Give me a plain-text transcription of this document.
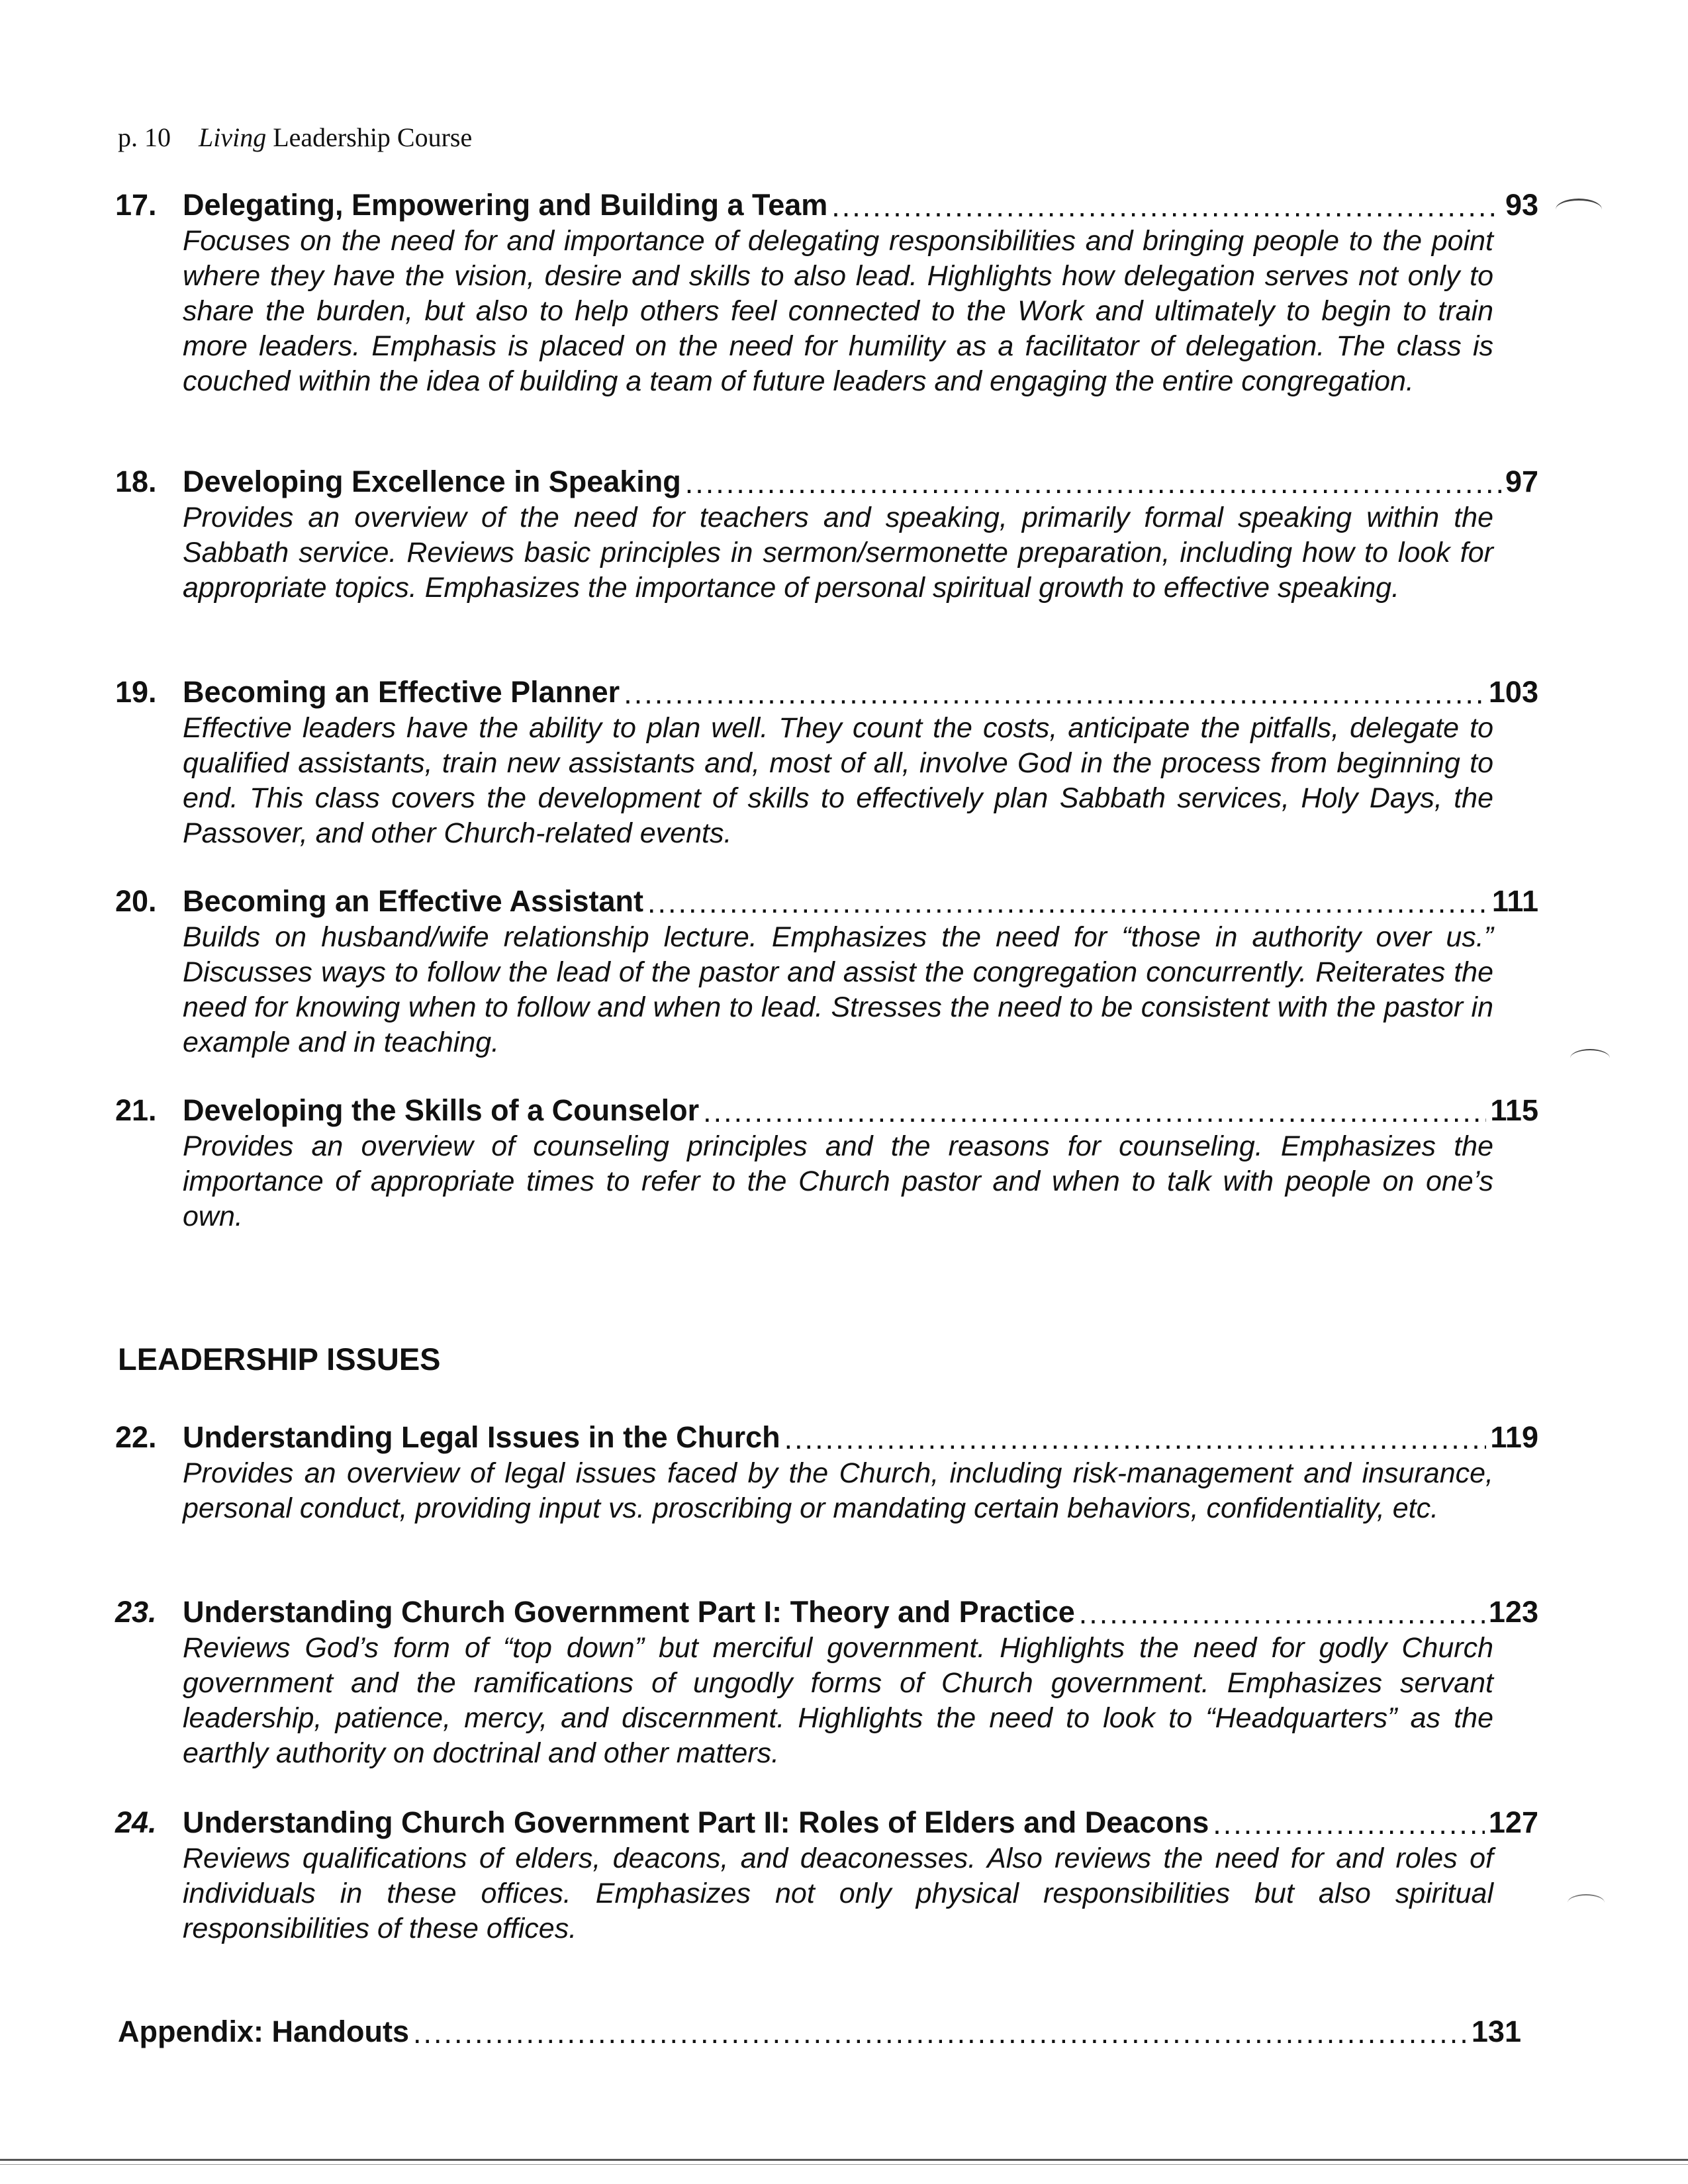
p. 10 Living Leadership Course
17. Delegating, Empowering and Building a Team .....	93
Focuses on the need for and importance of delegating responsibilities and bringing people to the point where they have the vision, desire and skills to also lead. Highlights how delegation serves not only to share the burden, but also to help others feel connected to the Work and ultimately to begin to train more leaders. Emphasis is placed on the need for humility as a facilitator of delegation. The class is couched within the idea of building a team of future leaders and engaging the entire congregation.
18. Developing Excellence in Speaking .....	97
Provides an overview of the need for teachers and speaking, primarily formal speaking within the Sabbath service. Reviews basic principles in sermon/sermonette preparation, including how to look for appropriate topics. Emphasizes the importance of personal spiritual growth to effective speaking.
19. Becoming an Effective Planner .....	103
Effective leaders have the ability to plan well. They count the costs, anticipate the pitfalls, delegate to qualified assistants, train new assistants and, most of all, involve God in the process from beginning to end. This class covers the development of skills to effectively plan Sabbath services, Holy Days, the Passover, and other Church-related events.
20. Becoming an Effective Assistant .....	111
Builds on husband/wife relationship lecture. Emphasizes the need for “those in authority over us.” Discusses ways to follow the lead of the pastor and assist the congregation concurrently. Reiterates the need for knowing when to follow and when to lead. Stresses the need to be consistent with the pastor in example and in teaching.
21. Developing the Skills of a Counselor .....	115
Provides an overview of counseling principles and the reasons for counseling. Emphasizes the importance of appropriate times to refer to the Church pastor and when to talk with people on one’s own.
LEADERSHIP ISSUES
22. Understanding Legal Issues in the Church .....	119
Provides an overview of legal issues faced by the Church, including risk-management and insurance, personal conduct, providing input vs. proscribing or mandating certain behaviors, confidentiality, etc.
23. Understanding Church Government Part I: Theory and Practice .....	123
Reviews God’s form of “top down” but merciful government. Highlights the need for godly Church government and the ramifications of ungodly forms of Church government. Emphasizes servant leadership, patience, mercy, and discernment. Highlights the need to look to “Headquarters” as the earthly authority on doctrinal and other matters.
24. Understanding Church Government Part II: Roles of Elders and Deacons .....	127
Reviews qualifications of elders, deacons, and deaconesses. Also reviews the need for and roles of individuals in these offices. Emphasizes not only physical responsibilities but also spiritual responsibilities of these offices.
Appendix: Handouts .....	131
